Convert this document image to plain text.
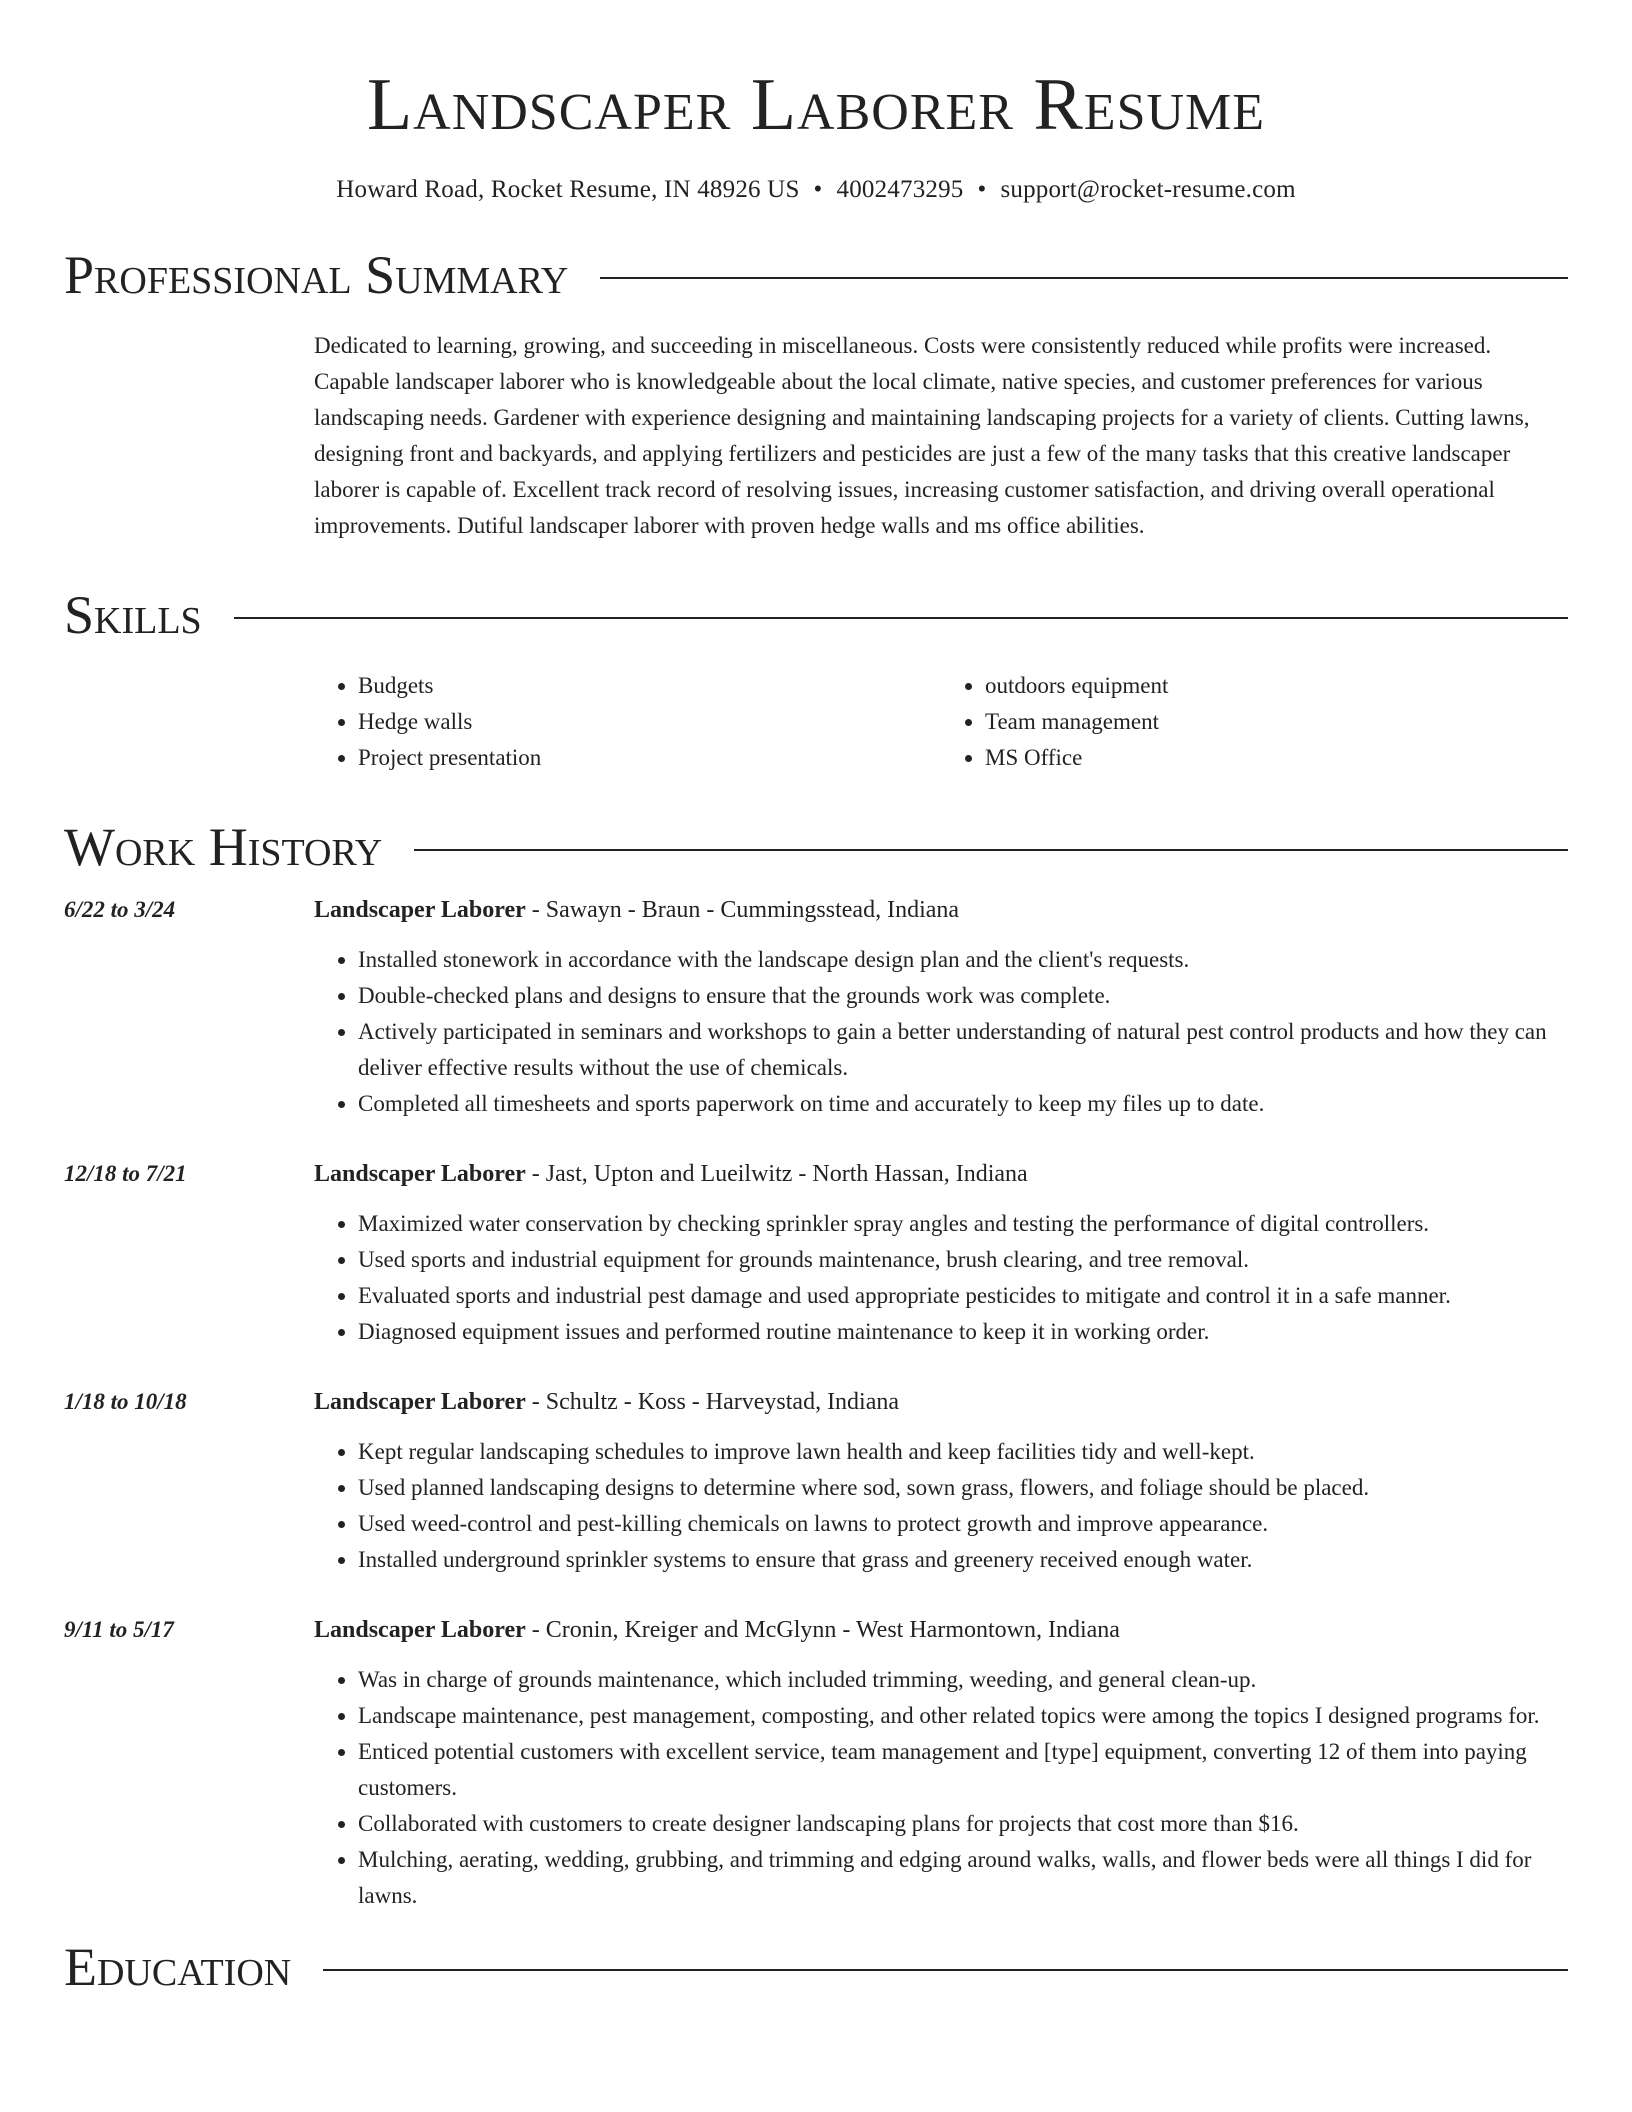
Landscaper Laborer Resume
Howard Road, Rocket Resume, IN 48926 US • 4002473295 • support@rocket-resume.com
Professional Summary
Dedicated to learning, growing, and succeeding in miscellaneous. Costs were consistently reduced while profits were increased. Capable landscaper laborer who is knowledgeable about the local climate, native species, and customer preferences for various landscaping needs. Gardener with experience designing and maintaining landscaping projects for a variety of clients. Cutting lawns, designing front and backyards, and applying fertilizers and pesticides are just a few of the many tasks that this creative landscaper laborer is capable of. Excellent track record of resolving issues, increasing customer satisfaction, and driving overall operational improvements. Dutiful landscaper laborer with proven hedge walls and ms office abilities.
Skills
• Budgets
• Hedge walls
• Project presentation
• outdoors equipment
• Team management
• MS Office
Work History
6/22 to 3/24	Landscaper Laborer - Sawayn - Braun - Cummingsstead, Indiana
• Installed stonework in accordance with the landscape design plan and the client's requests.
• Double-checked plans and designs to ensure that the grounds work was complete.
• Actively participated in seminars and workshops to gain a better understanding of natural pest control products and how they can deliver effective results without the use of chemicals.
• Completed all timesheets and sports paperwork on time and accurately to keep my files up to date.
12/18 to 7/21	Landscaper Laborer - Jast, Upton and Lueilwitz - North Hassan, Indiana
• Maximized water conservation by checking sprinkler spray angles and testing the performance of digital controllers.
• Used sports and industrial equipment for grounds maintenance, brush clearing, and tree removal.
• Evaluated sports and industrial pest damage and used appropriate pesticides to mitigate and control it in a safe manner.
• Diagnosed equipment issues and performed routine maintenance to keep it in working order.
1/18 to 10/18	Landscaper Laborer - Schultz - Koss - Harveystad, Indiana
• Kept regular landscaping schedules to improve lawn health and keep facilities tidy and well-kept.
• Used planned landscaping designs to determine where sod, sown grass, flowers, and foliage should be placed.
• Used weed-control and pest-killing chemicals on lawns to protect growth and improve appearance.
• Installed underground sprinkler systems to ensure that grass and greenery received enough water.
9/11 to 5/17	Landscaper Laborer - Cronin, Kreiger and McGlynn - West Harmontown, Indiana
• Was in charge of grounds maintenance, which included trimming, weeding, and general clean-up.
• Landscape maintenance, pest management, composting, and other related topics were among the topics I designed programs for.
• Enticed potential customers with excellent service, team management and [type] equipment, converting 12 of them into paying customers.
• Collaborated with customers to create designer landscaping plans for projects that cost more than $16.
• Mulching, aerating, wedding, grubbing, and trimming and edging around walks, walls, and flower beds were all things I did for lawns.
Education
